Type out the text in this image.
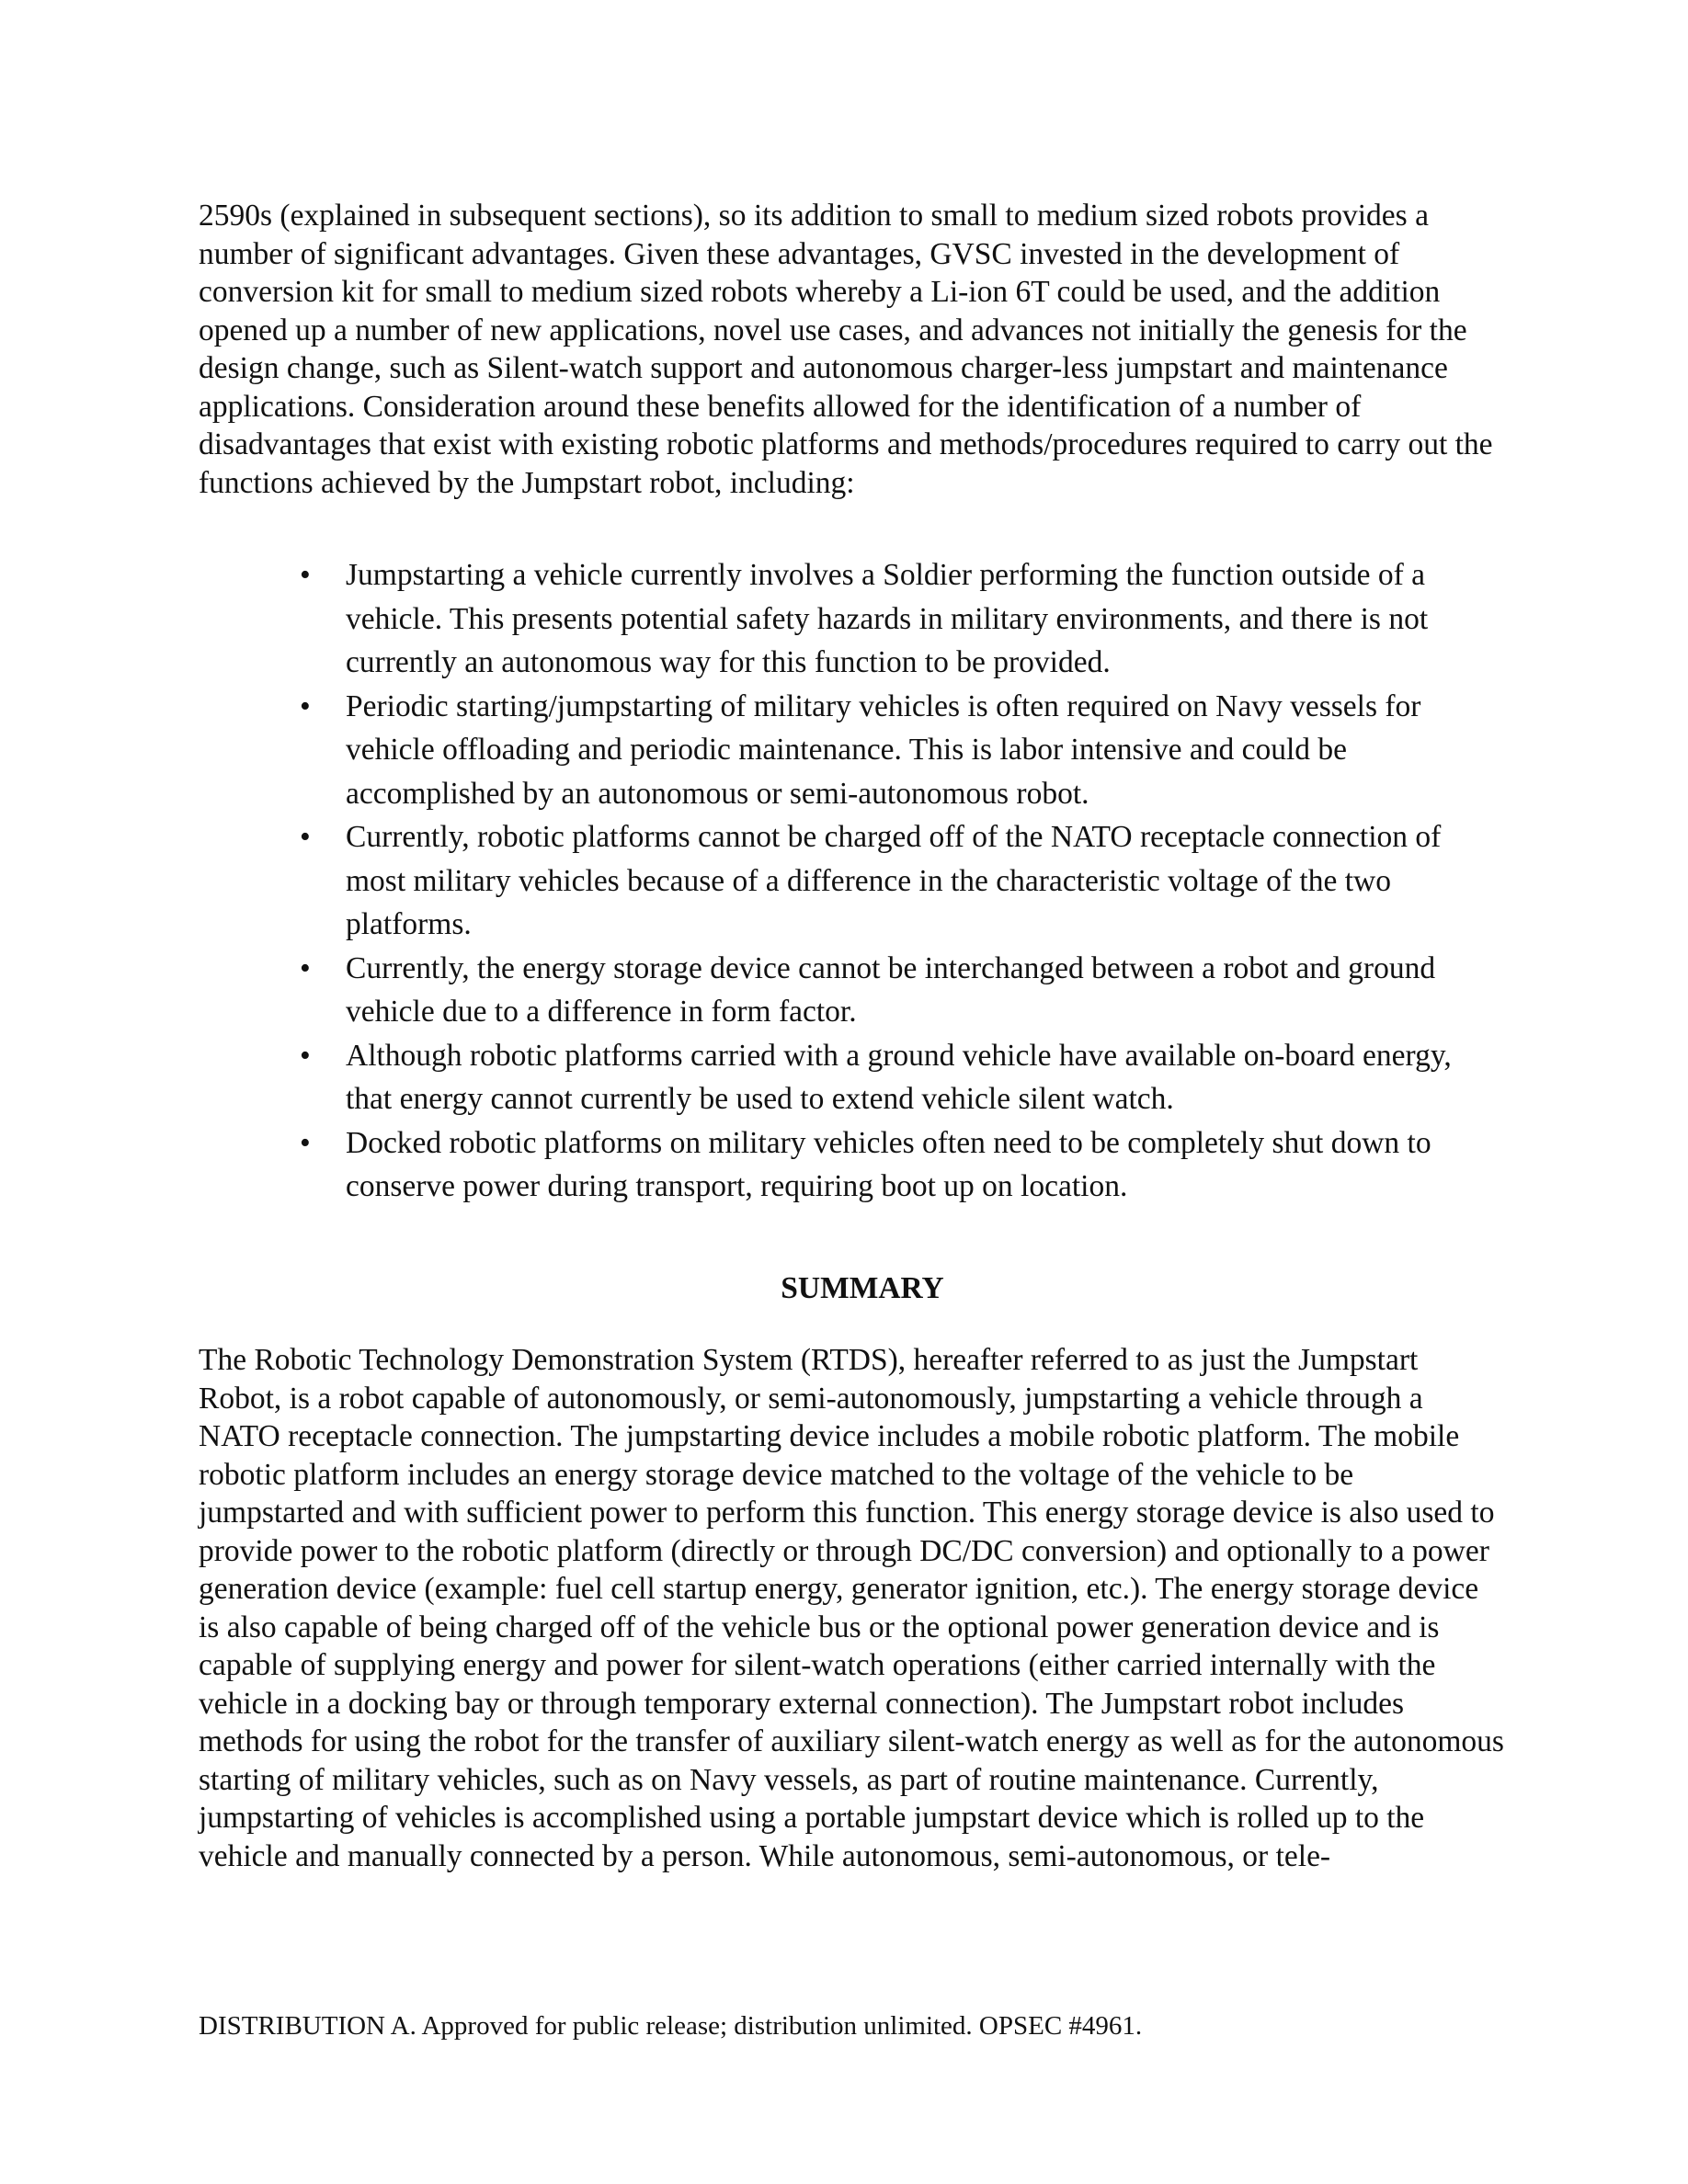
2590s (explained in subsequent sections), so its addition to small to medium sized robots provides a number of significant advantages. Given these advantages, GVSC invested in the development of conversion kit for small to medium sized robots whereby a Li-ion 6T could be used, and the addition opened up a number of new applications, novel use cases, and advances not initially the genesis for the design change, such as Silent-watch support and autonomous charger-less jumpstart and maintenance applications. Consideration around these benefits allowed for the identification of a number of disadvantages that exist with existing robotic platforms and methods/procedures required to carry out the functions achieved by the Jumpstart robot, including:

• Jumpstarting a vehicle currently involves a Soldier performing the function outside of a vehicle. This presents potential safety hazards in military environments, and there is not currently an autonomous way for this function to be provided.
• Periodic starting/jumpstarting of military vehicles is often required on Navy vessels for vehicle offloading and periodic maintenance. This is labor intensive and could be accomplished by an autonomous or semi-autonomous robot.
• Currently, robotic platforms cannot be charged off of the NATO receptacle connection of most military vehicles because of a difference in the characteristic voltage of the two platforms.
• Currently, the energy storage device cannot be interchanged between a robot and ground vehicle due to a difference in form factor.
• Although robotic platforms carried with a ground vehicle have available on-board energy, that energy cannot currently be used to extend vehicle silent watch.
• Docked robotic platforms on military vehicles often need to be completely shut down to conserve power during transport, requiring boot up on location.
SUMMARY

The Robotic Technology Demonstration System (RTDS), hereafter referred to as just the Jumpstart Robot, is a robot capable of autonomously, or semi-autonomously, jumpstarting a vehicle through a NATO receptacle connection. The jumpstarting device includes a mobile robotic platform. The mobile robotic platform includes an energy storage device matched to the voltage of the vehicle to be jumpstarted and with sufficient power to perform this function. This energy storage device is also used to provide power to the robotic platform (directly or through DC/DC conversion) and optionally to a power generation device (example: fuel cell startup energy, generator ignition, etc.). The energy storage device is also capable of being charged off of the vehicle bus or the optional power generation device and is capable of supplying energy and power for silent-watch operations (either carried internally with the vehicle in a docking bay or through temporary external connection). The Jumpstart robot includes methods for using the robot for the transfer of auxiliary silent-watch energy as well as for the autonomous starting of military vehicles, such as on Navy vessels, as part of routine maintenance. Currently, jumpstarting of vehicles is accomplished using a portable jumpstart device which is rolled up to the vehicle and manually connected by a person. While autonomous, semi-autonomous, or tele-

DISTRIBUTION A. Approved for public release; distribution unlimited. OPSEC #4961.
